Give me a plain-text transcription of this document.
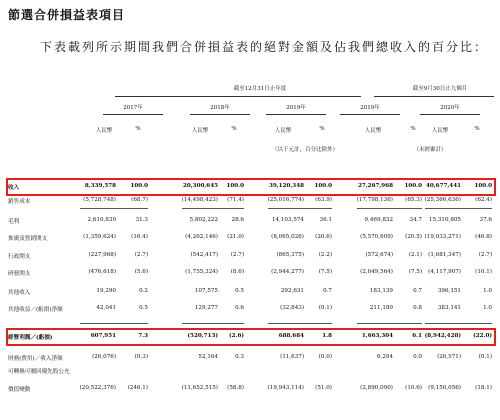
節選合併損益表項目
下表載列所示期間我們合併損益表的絕對金額及佔我們總收入的百分比：
截至12月31日止年度	截至9月30日止九個月
2017年	2018年	2019年	2019年	2020年
人民幣	%	人民幣	%	人民幣	%	人民幣	%	人民幣	%
（以千元計，百分比除外）	（未經審計）
收入	8,339,578	100.0	20,300,645 100.0	39,120,348 100.0	27,267,968 100.0 40,677,441 100.0
銷售成本	(5,728,748)	(68.7)	(14,498,423) (71.4)	(25,016,774) (63.9)	(17,798,136) (65.3) (25,366,636)	(62.4)
毛利	2,610,830	31.3	5,802,222 28.6	14,103,574	36.1	9,469,832	34.7 15,310,805	37.6
推廣及營銷開支	(1,359,624)	(16.4)	(4,262,146) (21.0)	(8,065,026) (20.6)	(5,570,609) (20.5) (19,033,271)	(46.8)
行政開支	(227,968)	(2.7)	(542,417) (2.7)	(865,375)	(2.2)	(572,674)	(2.1) (1,081,347)	(2.7)
研發開支	(476,618)	(5.6)	(1,755,324) (8.6)	(2,944,277)	(7.5)	(2,049,564)	(7.5) (4,117,907)	(10.1)
其他收入	19,290	0.2	107,575	0.5	292,631	0.7	183,139	0.7	396,151	1.0
其他收益／(虧損)淨額	42,041	0.5	129,277	0.6	(32,843)	(0.1)	211,180	0.8	383,141	1.0
經營利潤／(虧損)	607,951	7.3	(520,713) (2.6)	688,684	1.8	1,663,304	6.1 (8,942,428) (22.0)
財務(費用)／收入淨額	(26,076)	(0.3)	52,164	0.3	(11,637)	(0.0)	6,294	0.0	(26,571)	(0.1)
可轉換可贖回優先股公允
價值變動	(20,522,376) (246.1)	(11,652,515) (58.8)	(19,943,114) (51.0)	(2,890,090) (10.6) (9,150,056)	(18.1)
